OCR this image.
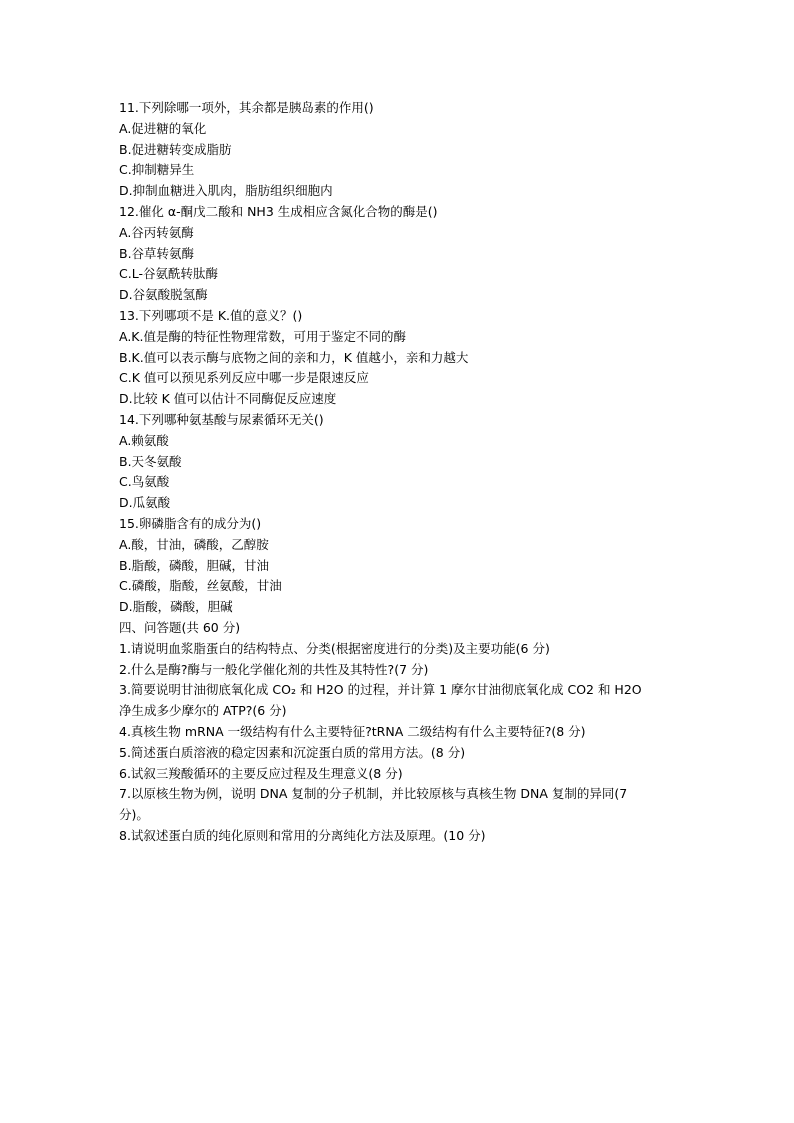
11.下列除哪一项外，其余都是胰岛素的作用()
A.促进糖的氧化
B.促进糖转变成脂肪
C.抑制糖异生
D.抑制血糖进入肌肉，脂肪组织细胞内
12.催化 α-酮戊二酸和 NH3 生成相应含氮化合物的酶是()
A.谷丙转氨酶
B.谷草转氨酶
C.L-谷氨酰转肽酶
D.谷氨酸脱氢酶
13.下列哪项不是 K.值的意义？()
A.K.值是酶的特征性物理常数，可用于鉴定不同的酶
B.K.值可以表示酶与底物之间的亲和力，K 值越小，亲和力越大
C.K 值可以预见系列反应中哪一步是限速反应
D.比较 K 值可以估计不同酶促反应速度
14.下列哪种氨基酸与尿素循环无关()
A.赖氨酸
B.天冬氨酸
C.鸟氨酸
D.瓜氨酸
15.卵磷脂含有的成分为()
A.酸，甘油，磷酸，乙醇胺
B.脂酸，磷酸，胆碱，甘油
C.磷酸，脂酸，丝氨酸，甘油
D.脂酸，磷酸，胆碱
四、问答题(共 60 分)
1.请说明血浆脂蛋白的结构特点、分类(根据密度进行的分类)及主要功能(6 分)
2.什么是酶?酶与一般化学催化剂的共性及其特性?(7 分)
3.简要说明甘油彻底氧化成 CO₂ 和 H2O 的过程，并计算 1 摩尔甘油彻底氧化成 CO2 和 H2O
净生成多少摩尔的 ATP?(6 分)
4.真核生物 mRNA 一级结构有什么主要特征?tRNA 二级结构有什么主要特征?(8 分)
5.简述蛋白质溶液的稳定因素和沉淀蛋白质的常用方法。(8 分)
6.试叙三羧酸循环的主要反应过程及生理意义(8 分)
7.以原核生物为例，说明 DNA 复制的分子机制，并比较原核与真核生物 DNA 复制的异同(7
分)。
8.试叙述蛋白质的纯化原则和常用的分离纯化方法及原理。(10 分)
